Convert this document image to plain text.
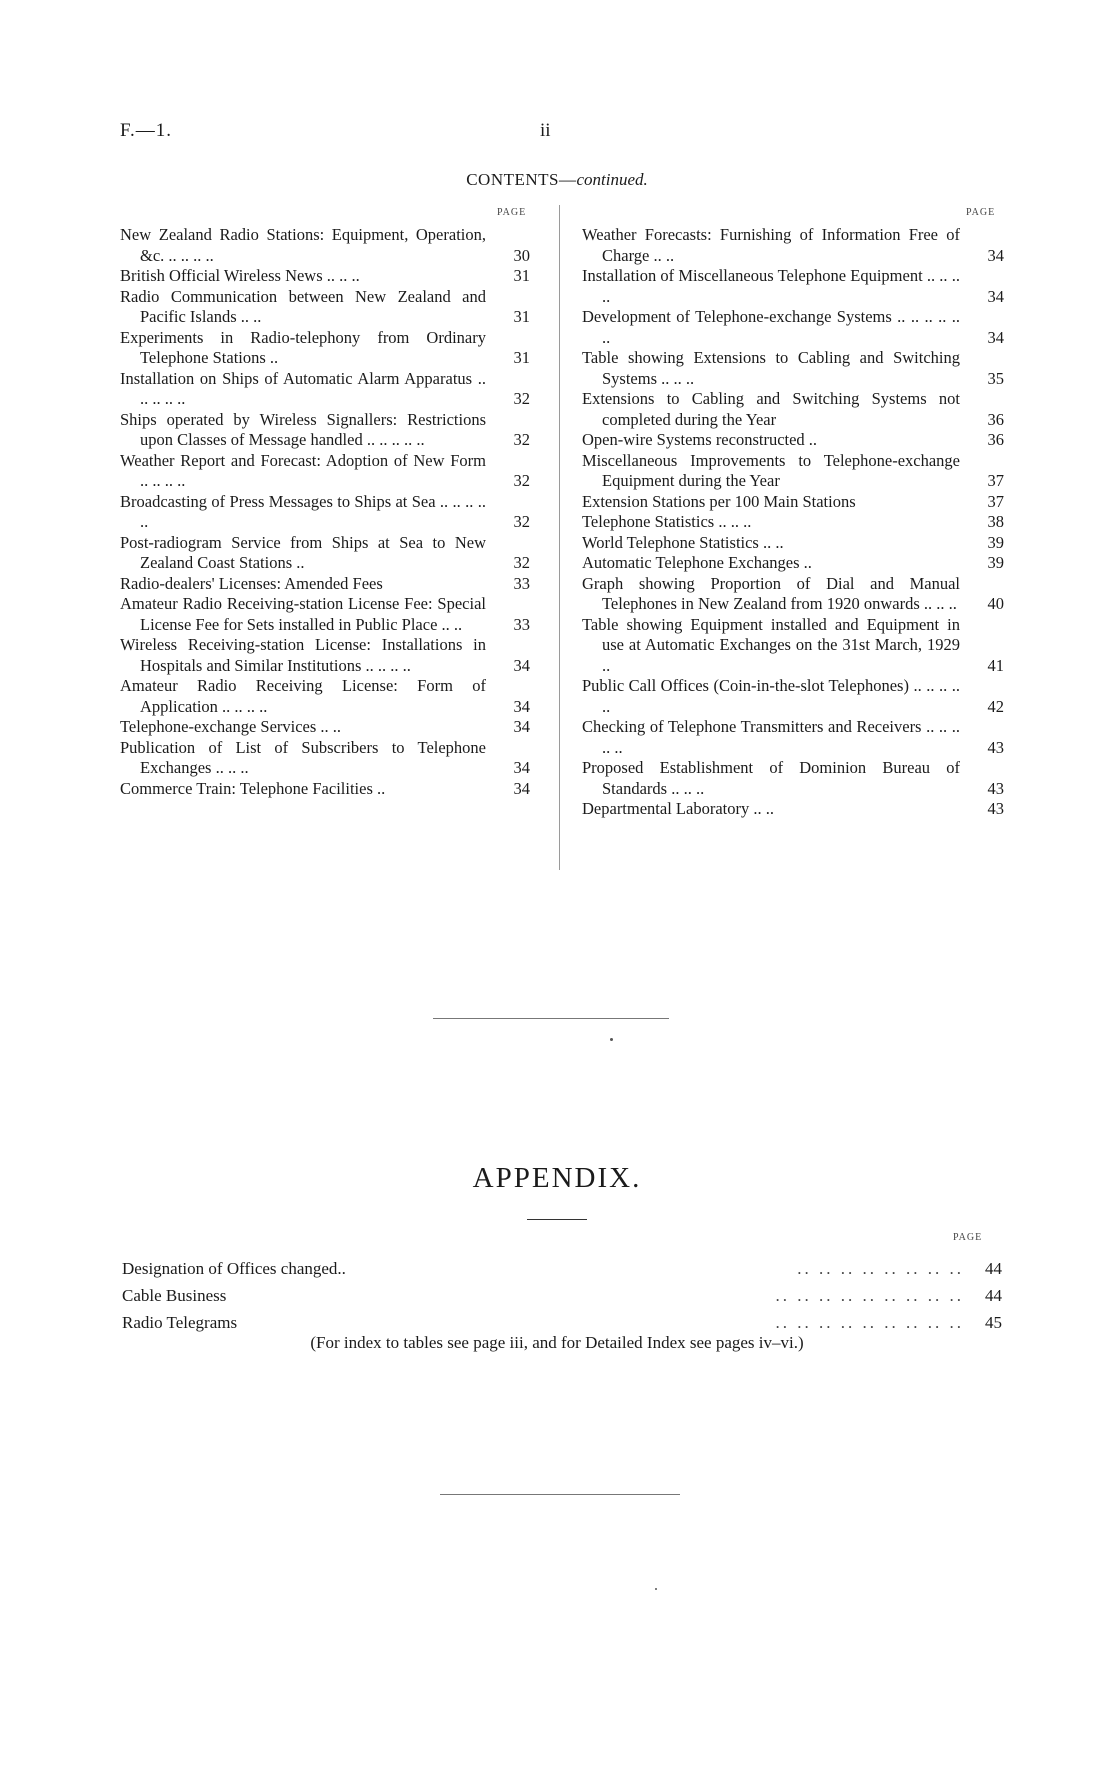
F.—1.	ii
CONTENTS—continued.
PAGE	PAGE
New Zealand Radio Stations: Equipment, Operation, &c. .. .. .. ..	30
British Official Wireless News .. .. ..	31
Radio Communication between New Zealand and Pacific Islands .. ..	31
Experiments in Radio-telephony from Ordinary Telephone Stations ..	31
Installation on Ships of Automatic Alarm Apparatus .. .. .. .. ..	32
Ships operated by Wireless Signallers: Restrictions upon Classes of Message handled .. .. .. .. ..	32
Weather Report and Forecast: Adoption of New Form .. .. .. ..	32
Broadcasting of Press Messages to Ships at Sea .. .. .. .. ..	32
Post-radiogram Service from Ships at Sea to New Zealand Coast Stations ..	32
Radio-dealers' Licenses: Amended Fees	33
Amateur Radio Receiving-station License Fee: Special License Fee for Sets installed in Public Place .. ..	33
Wireless Receiving-station License: Installations in Hospitals and Similar Institutions .. .. .. ..	34
Amateur Radio Receiving License: Form of Application .. .. .. ..	34
Telephone-exchange Services .. ..	34
Publication of List of Subscribers to Telephone Exchanges .. .. ..	34
Commerce Train: Telephone Facilities ..	34
Weather Forecasts: Furnishing of Information Free of Charge .. ..	34
Installation of Miscellaneous Telephone Equipment .. .. .. ..	34
Development of Telephone-exchange Systems .. .. .. .. .. ..	34
Table showing Extensions to Cabling and Switching Systems .. .. ..	35
Extensions to Cabling and Switching Systems not completed during the Year	36
Open-wire Systems reconstructed ..	36
Miscellaneous Improvements to Telephone-exchange Equipment during the Year	37
Extension Stations per 100 Main Stations	37
Telephone Statistics .. .. ..	38
World Telephone Statistics .. ..	39
Automatic Telephone Exchanges ..	39
Graph showing Proportion of Dial and Manual Telephones in New Zealand from 1920 onwards .. .. ..	40
Table showing Equipment installed and Equipment in use at Automatic Exchanges on the 31st March, 1929 ..	41
Public Call Offices (Coin-in-the-slot Telephones) .. .. .. .. ..	42
Checking of Telephone Transmitters and Receivers .. .. .. .. ..	43
Proposed Establishment of Dominion Bureau of Standards .. .. ..	43
Departmental Laboratory .. ..	43
APPENDIX.
PAGE
Designation of Offices changed..	.. .. .. .. .. .. .. ..	44
Cable Business	.. .. .. .. .. .. .. .. ..	44
Radio Telegrams	.. .. .. .. .. .. .. .. ..	45
(For index to tables see page iii, and for Detailed Index see pages iv–vi.)
